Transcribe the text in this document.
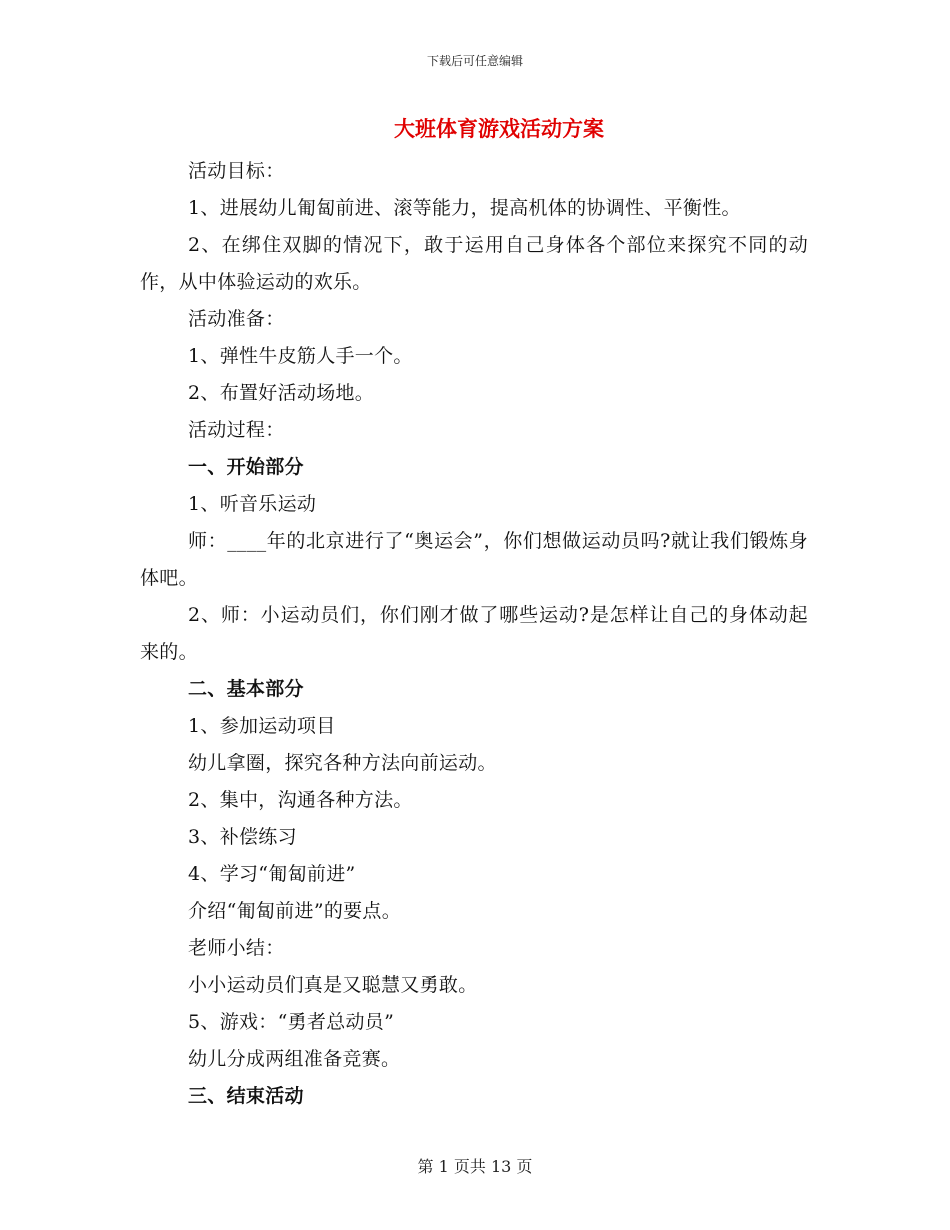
下载后可任意编辑
大班体育游戏活动方案

活动目标：

1、进展幼儿匍匐前进、滚等能力，提高机体的协调性、平衡性。

2、在绑住双脚的情况下，敢于运用自己身体各个部位来探究不同的动作，从中体验运动的欢乐。

活动准备：

1、弹性牛皮筋人手一个。

2、布置好活动场地。

活动过程：

一、开始部分

1、听音乐运动

师：____年的北京进行了“奥运会”，你们想做运动员吗?就让我们锻炼身体吧。

2、师：小运动员们，你们刚才做了哪些运动?是怎样让自己的身体动起来的。

二、基本部分

1、参加运动项目

幼儿拿圈，探究各种方法向前运动。

2、集中，沟通各种方法。

3、补偿练习

4、学习“匍匐前进”

介绍“匍匐前进”的要点。

老师小结：

小小运动员们真是又聪慧又勇敢。

5、游戏：“勇者总动员”

幼儿分成两组准备竞赛。

三、结束活动

第 1 页共 13 页
